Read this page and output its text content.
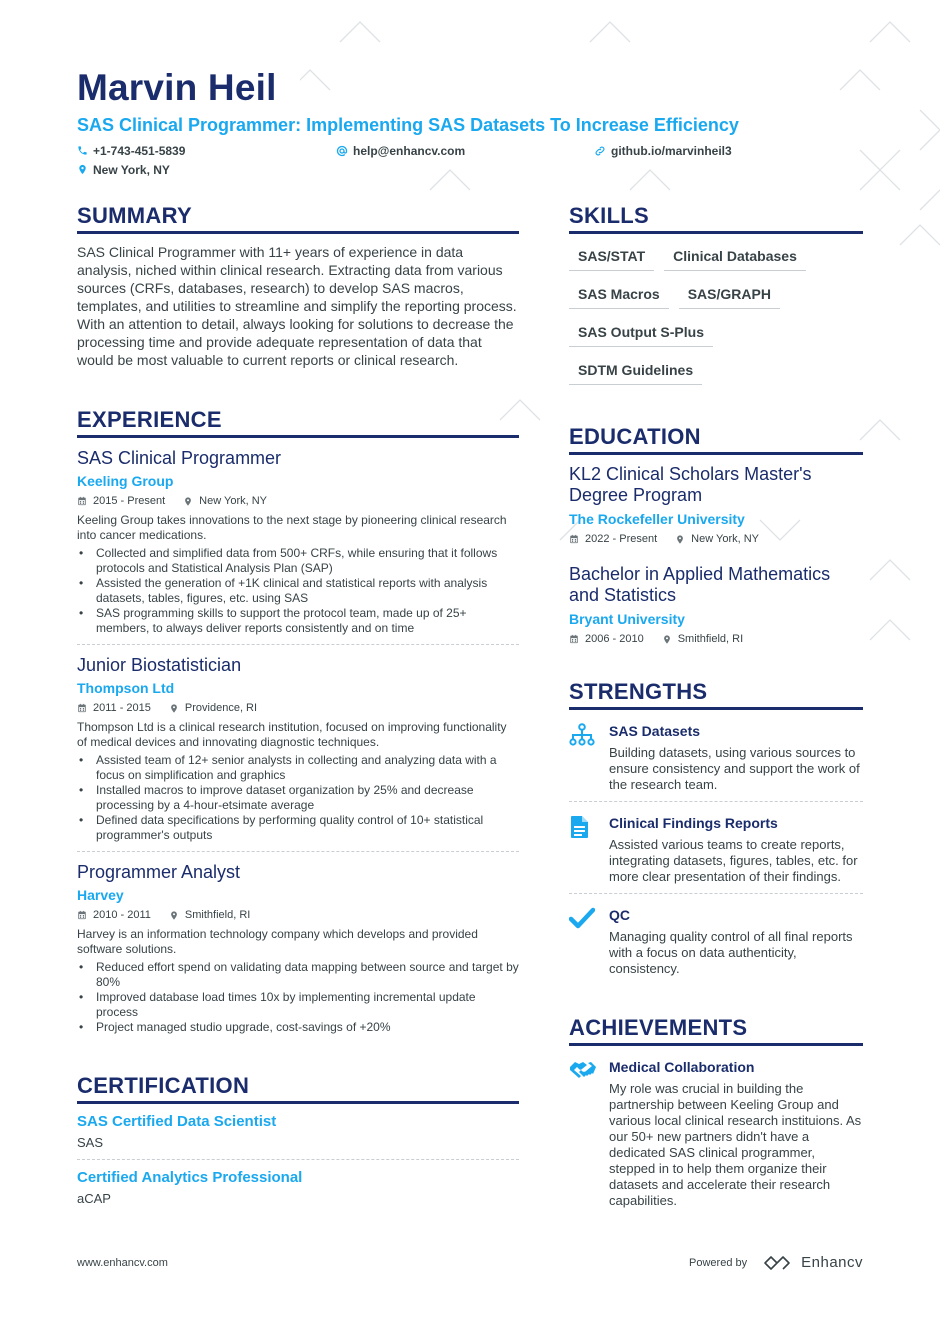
Marvin Heil
SAS Clinical Programmer: Implementing SAS Datasets To Increase Efficiency
+1-743-451-5839	help@enhancv.com	github.io/marvinheil3
New York, NY
SUMMARY

SAS Clinical Programmer with 11+ years of experience in data analysis, niched within clinical research. Extracting data from various sources (CRFs, databases, research) to develop SAS macros, templates, and utilities to streamline and simplify the reporting process. With an attention to detail, always looking for solutions to decrease the processing time and provide adequate representation of data that would be most valuable to current reports or clinical research.

EXPERIENCE
SAS Clinical Programmer
Keeling Group
2015 - Present	New York, NY
Keeling Group takes innovations to the next stage by pioneering clinical research into cancer medications.
• Collected and simplified data from 500+ CRFs, while ensuring that it follows protocols and Statistical Analysis Plan (SAP)
• Assisted the generation of +1K clinical and statistical reports with analysis datasets, tables, figures, etc. using SAS
• SAS programming skills to support the protocol team, made up of 25+ members, to always deliver reports consistently and on time
Junior Biostatistician
Thompson Ltd
2011 - 2015	Providence, RI
Thompson Ltd is a clinical research institution, focused on improving functionality of medical devices and innovating diagnostic techniques.
• Assisted team of 12+ senior analysts in collecting and analyzing data with a focus on simplification and graphics
• Installed macros to improve dataset organization by 25% and decrease processing by a 4-hour-etsimate average
• Defined data specifications by performing quality control of 10+ statistical programmer's outputs
Programmer Analyst
Harvey
2010 - 2011	Smithfield, RI
Harvey is an information technology company which develops and provided software solutions.
• Reduced effort spend on validating data mapping between source and target by 80%
• Improved database load times 10x by implementing incremental update process
• Project managed studio upgrade, cost-savings of +20%
CERTIFICATION
SAS Certified Data Scientist
SAS
Certified Analytics Professional
aCAP
SKILLS
SAS/STAT	Clinical Databases
SAS Macros	SAS/GRAPH
SAS Output S-Plus
SDTM Guidelines
EDUCATION
KL2 Clinical Scholars Master's Degree Program
The Rockefeller University
2022 - Present	New York, NY
Bachelor in Applied Mathematics and Statistics
Bryant University
2006 - 2010	Smithfield, RI
STRENGTHS
SAS Datasets
Building datasets, using various sources to ensure consistency and support the work of the research team.
Clinical Findings Reports
Assisted various teams to create reports, integrating datasets, figures, tables, etc. for more clear presentation of their findings.
QC
Managing quality control of all final reports with a focus on data authenticity, consistency.
ACHIEVEMENTS
Medical Collaboration
My role was crucial in building the partnership between Keeling Group and various local clinical research instituions. As our 50+ new partners didn't have a dedicated SAS clinical programmer, stepped in to help them organize their datasets and accelerate their research capabilities.
www.enhancv.com	Powered by	Enhancv
